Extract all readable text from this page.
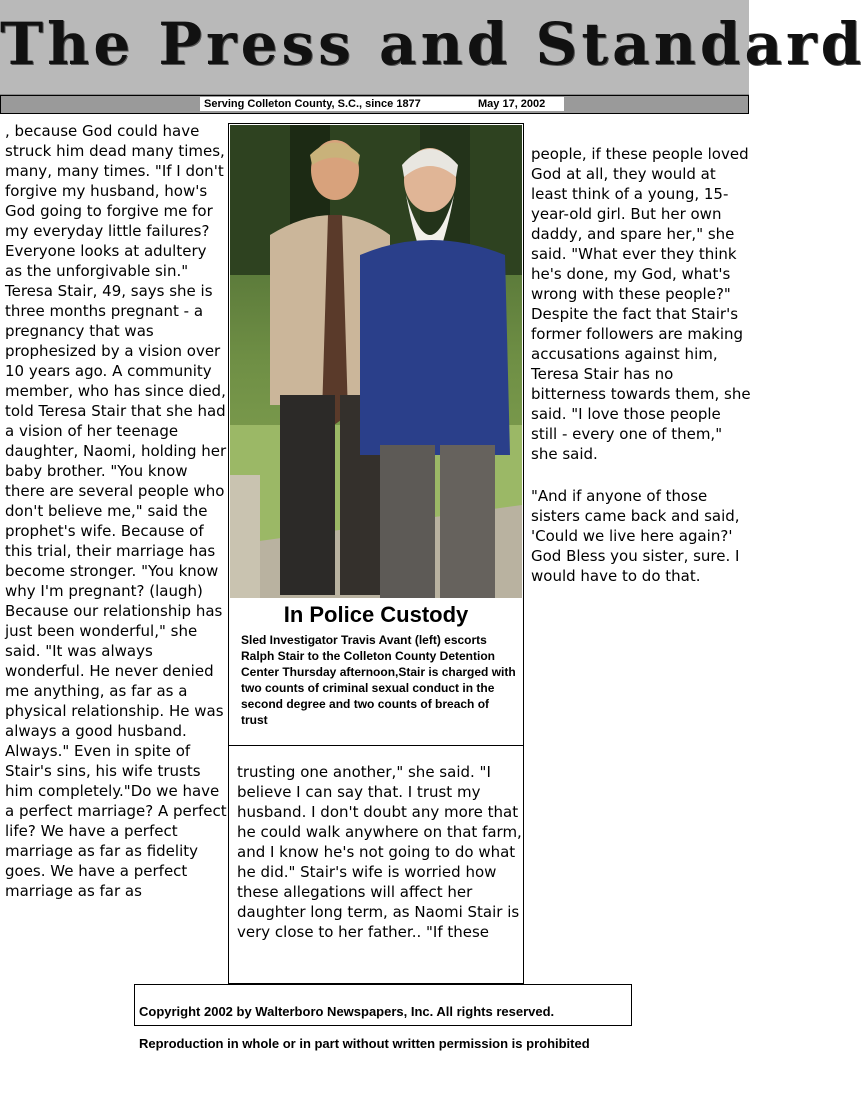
The Press and Standard
Serving Colleton County, S.C., since 1877	May 17, 2002

, because God could have struck him dead many times, many, many times. "If I don't forgive my husband, how's God going to forgive me for my everyday little failures? Everyone looks at adultery as the unforgivable sin." Teresa Stair, 49, says she is three months pregnant - a pregnancy that was prophesized by a vision over 10 years ago. A community member, who has since died, told Teresa Stair that she had a vision of her teenage daughter, Naomi, holding her baby brother. "You know there are several people who don't believe me," said the prophet's wife. Because of this trial, their marriage has become stronger. "You know why I'm pregnant? (laugh) Because our relationship has just been wonderful," she said. "It was always wonderful. He never denied me anything, as far as a physical relationship. He was always a good husband. Always." Even in spite of Stair's sins, his wife trusts him completely."Do we have a perfect marriage? A perfect life? We have a perfect marriage as far as fidelity goes. We have a perfect marriage as far as

In Police Custody
Sled Investigator Travis Avant (left) escorts Ralph Stair to the Colleton County Detention Center Thursday afternoon,Stair is charged with two counts of criminal sexual conduct in the second degree and two counts of breach of trust

trusting one another," she said. "I believe I can say that. I trust my husband. I don't doubt any more that he could walk anywhere on that farm, and I know he's not going to do what he did." Stair's wife is worried how these allegations will affect her daughter long term, as Naomi Stair is very close to her father.. "If these

people, if these people loved God at all, they would at least think of a young, 15-year-old girl. But her own daddy, and spare her," she said. "What ever they think he's done, my God, what's wrong with these people?" Despite the fact that Stair's former followers are making accusations against him, Teresa Stair has no bitterness towards them, she said. "I love those people still - every one of them," she said.

"And if anyone of those sisters came back and said, 'Could we live here again?' God Bless you sister, sure. I would have to do that.

Copyright 2002 by Walterboro Newspapers, Inc. All rights reserved.

Reproduction in whole or in part without written permission is prohibited
